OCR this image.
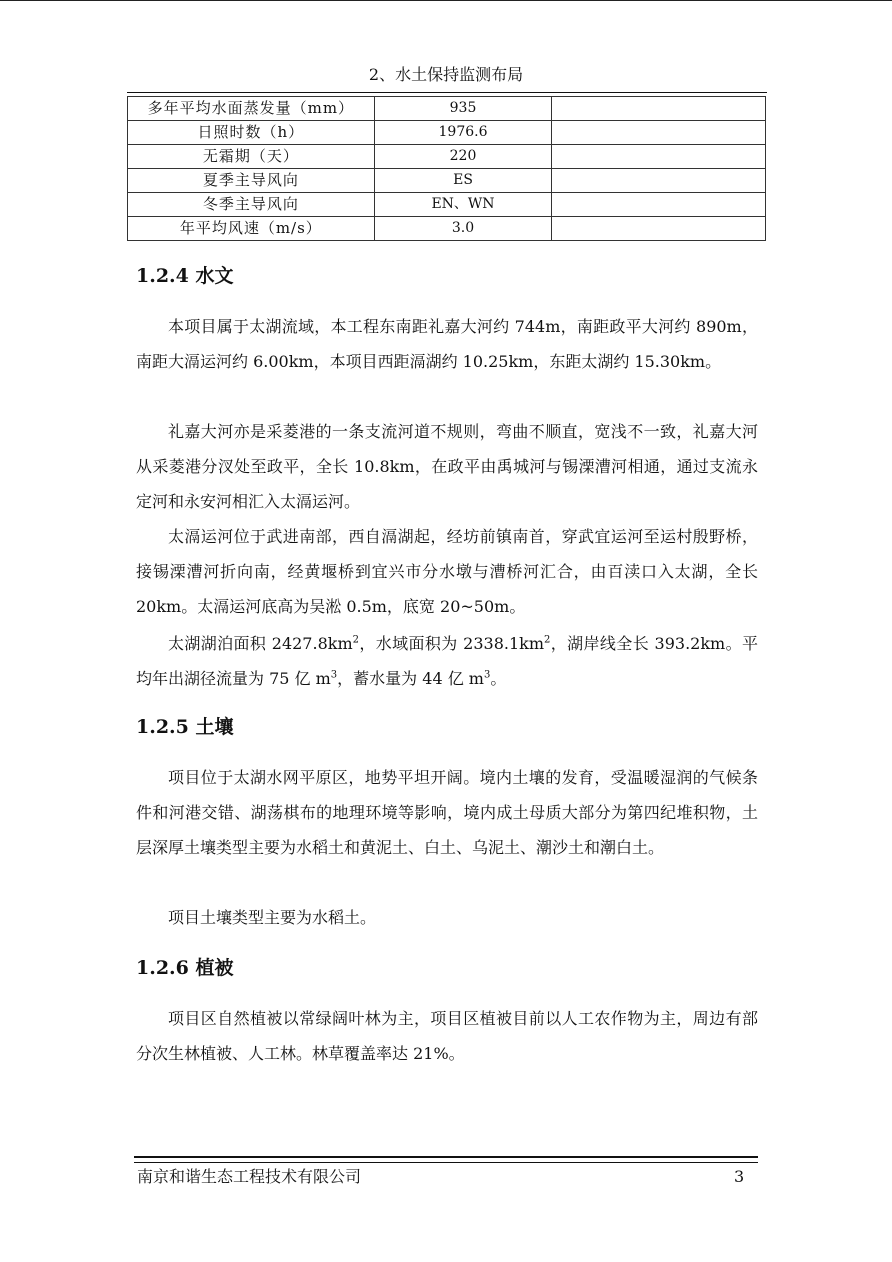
2、水土保持监测布局
多年平均水面蒸发量（mm）	935	
日照时数（h）	1976.6	
无霜期（天）	220	
夏季主导风向	ES	
冬季主导风向	EN、WN	
年平均风速（m/s）	3.0	
1.2.4 水文

本项目属于太湖流域，本工程东南距礼嘉大河约 744m，南距政平大河约 890m，南距大滆运河约 6.00km，本项目西距滆湖约 10.25km，东距太湖约 15.30km。

礼嘉大河亦是采菱港的一条支流河道不规则，弯曲不顺直，宽浅不一致，礼嘉大河从采菱港分汊处至政平，全长 10.8km，在政平由禹城河与锡溧漕河相通，通过支流永定河和永安河相汇入太滆运河。

太滆运河位于武进南部，西自滆湖起，经坊前镇南首，穿武宜运河至运村殷野桥，接锡溧漕河折向南，经黄堰桥到宜兴市分水墩与漕桥河汇合，由百渎口入太湖，全长 20km。太滆运河底高为吴淞 0.5m，底宽 20~50m。

太湖湖泊面积 $2427.8km^2$，水域面积为 $2338.1km^2$，湖岸线全长 393.2km。平均年出湖径流量为 75 亿 $m^3$，蓄水量为 44 亿 $m^3$。

1.2.5 土壤

项目位于太湖水网平原区，地势平坦开阔。境内土壤的发育，受温暖湿润的气候条件和河港交错、湖荡棋布的地理环境等影响，境内成土母质大部分为第四纪堆积物，土层深厚土壤类型主要为水稻土和黄泥土、白土、乌泥土、潮沙土和潮白土。

项目土壤类型主要为水稻土。

1.2.6 植被

项目区自然植被以常绿阔叶林为主，项目区植被目前以人工农作物为主，周边有部分次生林植被、人工林。林草覆盖率达 21%。

南京和谐生态工程技术有限公司	3
